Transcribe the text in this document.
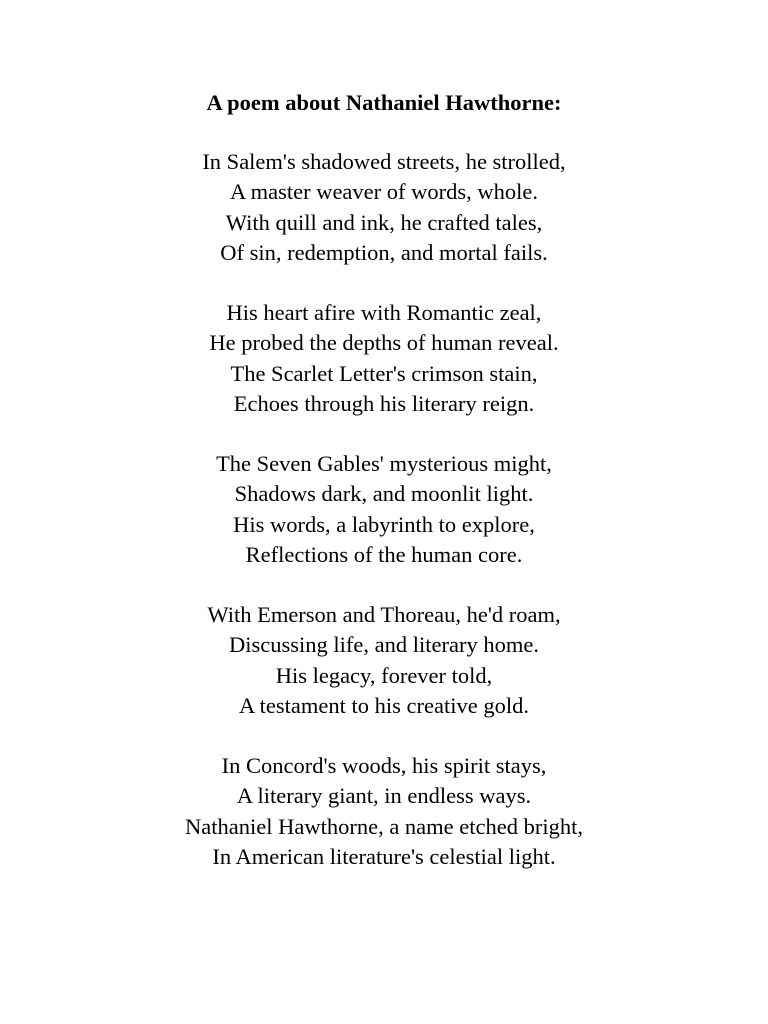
A poem about Nathaniel Hawthorne:
In Salem's shadowed streets, he strolled,
A master weaver of words, whole.
With quill and ink, he crafted tales,
Of sin, redemption, and mortal fails.
His heart afire with Romantic zeal,
He probed the depths of human reveal.
The Scarlet Letter's crimson stain,
Echoes through his literary reign.
The Seven Gables' mysterious might,
Shadows dark, and moonlit light.
His words, a labyrinth to explore,
Reflections of the human core.
With Emerson and Thoreau, he'd roam,
Discussing life, and literary home.
His legacy, forever told,
A testament to his creative gold.
In Concord's woods, his spirit stays,
A literary giant, in endless ways.
Nathaniel Hawthorne, a name etched bright,
In American literature's celestial light.
